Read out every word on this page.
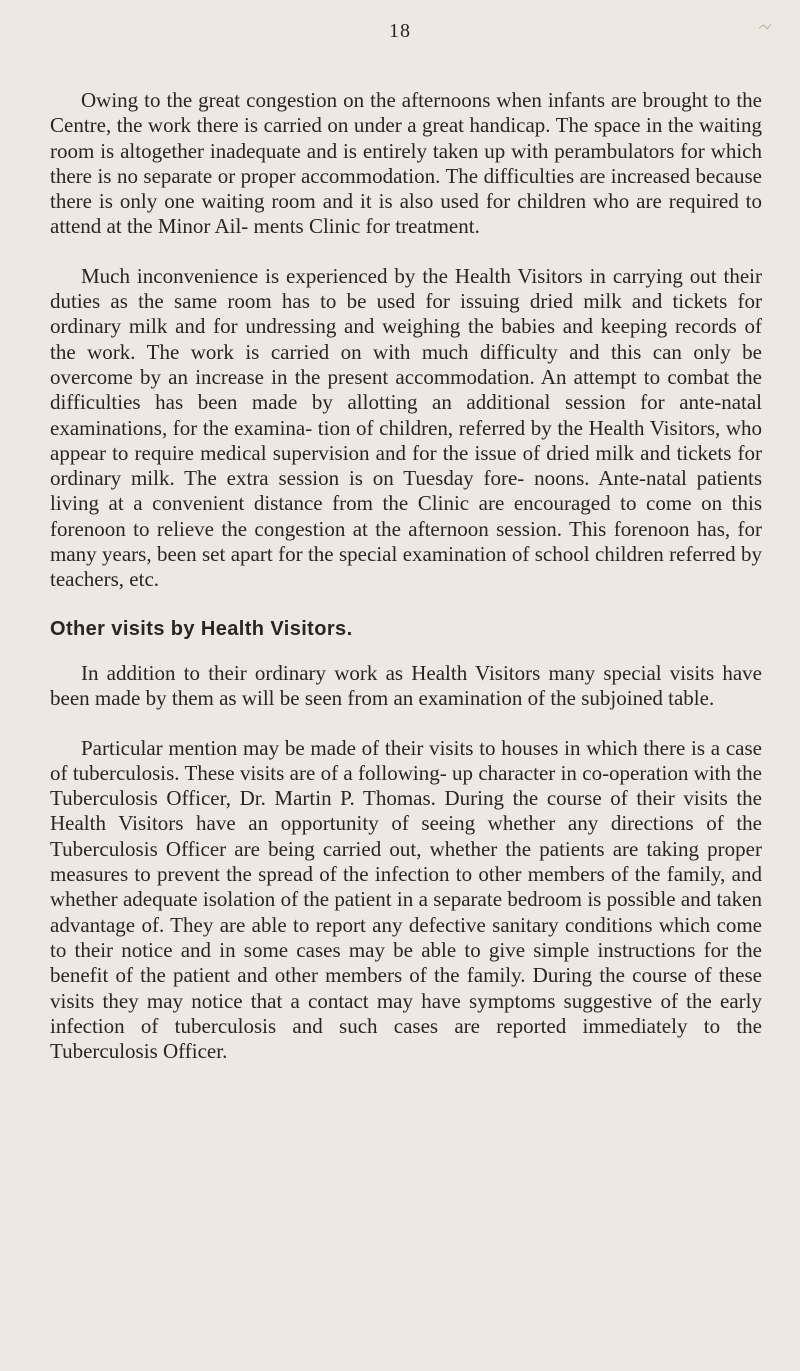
18

Owing to the great congestion on the afternoons when infants are brought to the Centre, the work there is carried on under a great handicap. The space in the waiting room is altogether inadequate and is entirely taken up with perambulators for which there is no separate or proper accommodation. The difficulties are increased because there is only one waiting room and it is also used for children who are required to attend at the Minor Ail- ments Clinic for treatment.

Much inconvenience is experienced by the Health Visitors in carrying out their duties as the same room has to be used for issuing dried milk and tickets for ordinary milk and for undressing and weighing the babies and keeping records of the work. The work is carried on with much difficulty and this can only be overcome by an increase in the present accommodation. An attempt to combat the difficulties has been made by allotting an additional session for ante-natal examinations, for the examina- tion of children, referred by the Health Visitors, who appear to require medical supervision and for the issue of dried milk and tickets for ordinary milk. The extra session is on Tuesday fore- noons. Ante-natal patients living at a convenient distance from the Clinic are encouraged to come on this forenoon to relieve the congestion at the afternoon session. This forenoon has, for many years, been set apart for the special examination of school children referred by teachers, etc.

Other visits by Health Visitors.

In addition to their ordinary work as Health Visitors many special visits have been made by them as will be seen from an examination of the subjoined table.

Particular mention may be made of their visits to houses in which there is a case of tuberculosis. These visits are of a following- up character in co-operation with the Tuberculosis Officer, Dr. Martin P. Thomas. During the course of their visits the Health Visitors have an opportunity of seeing whether any directions of the Tuberculosis Officer are being carried out, whether the patients are taking proper measures to prevent the spread of the infection to other members of the family, and whether adequate isolation of the patient in a separate bedroom is possible and taken advantage of. They are able to report any defective sanitary conditions which come to their notice and in some cases may be able to give simple instructions for the benefit of the patient and other members of the family. During the course of these visits they may notice that a contact may have symptoms suggestive of the early infection of tuberculosis and such cases are reported immediately to the Tuberculosis Officer.
